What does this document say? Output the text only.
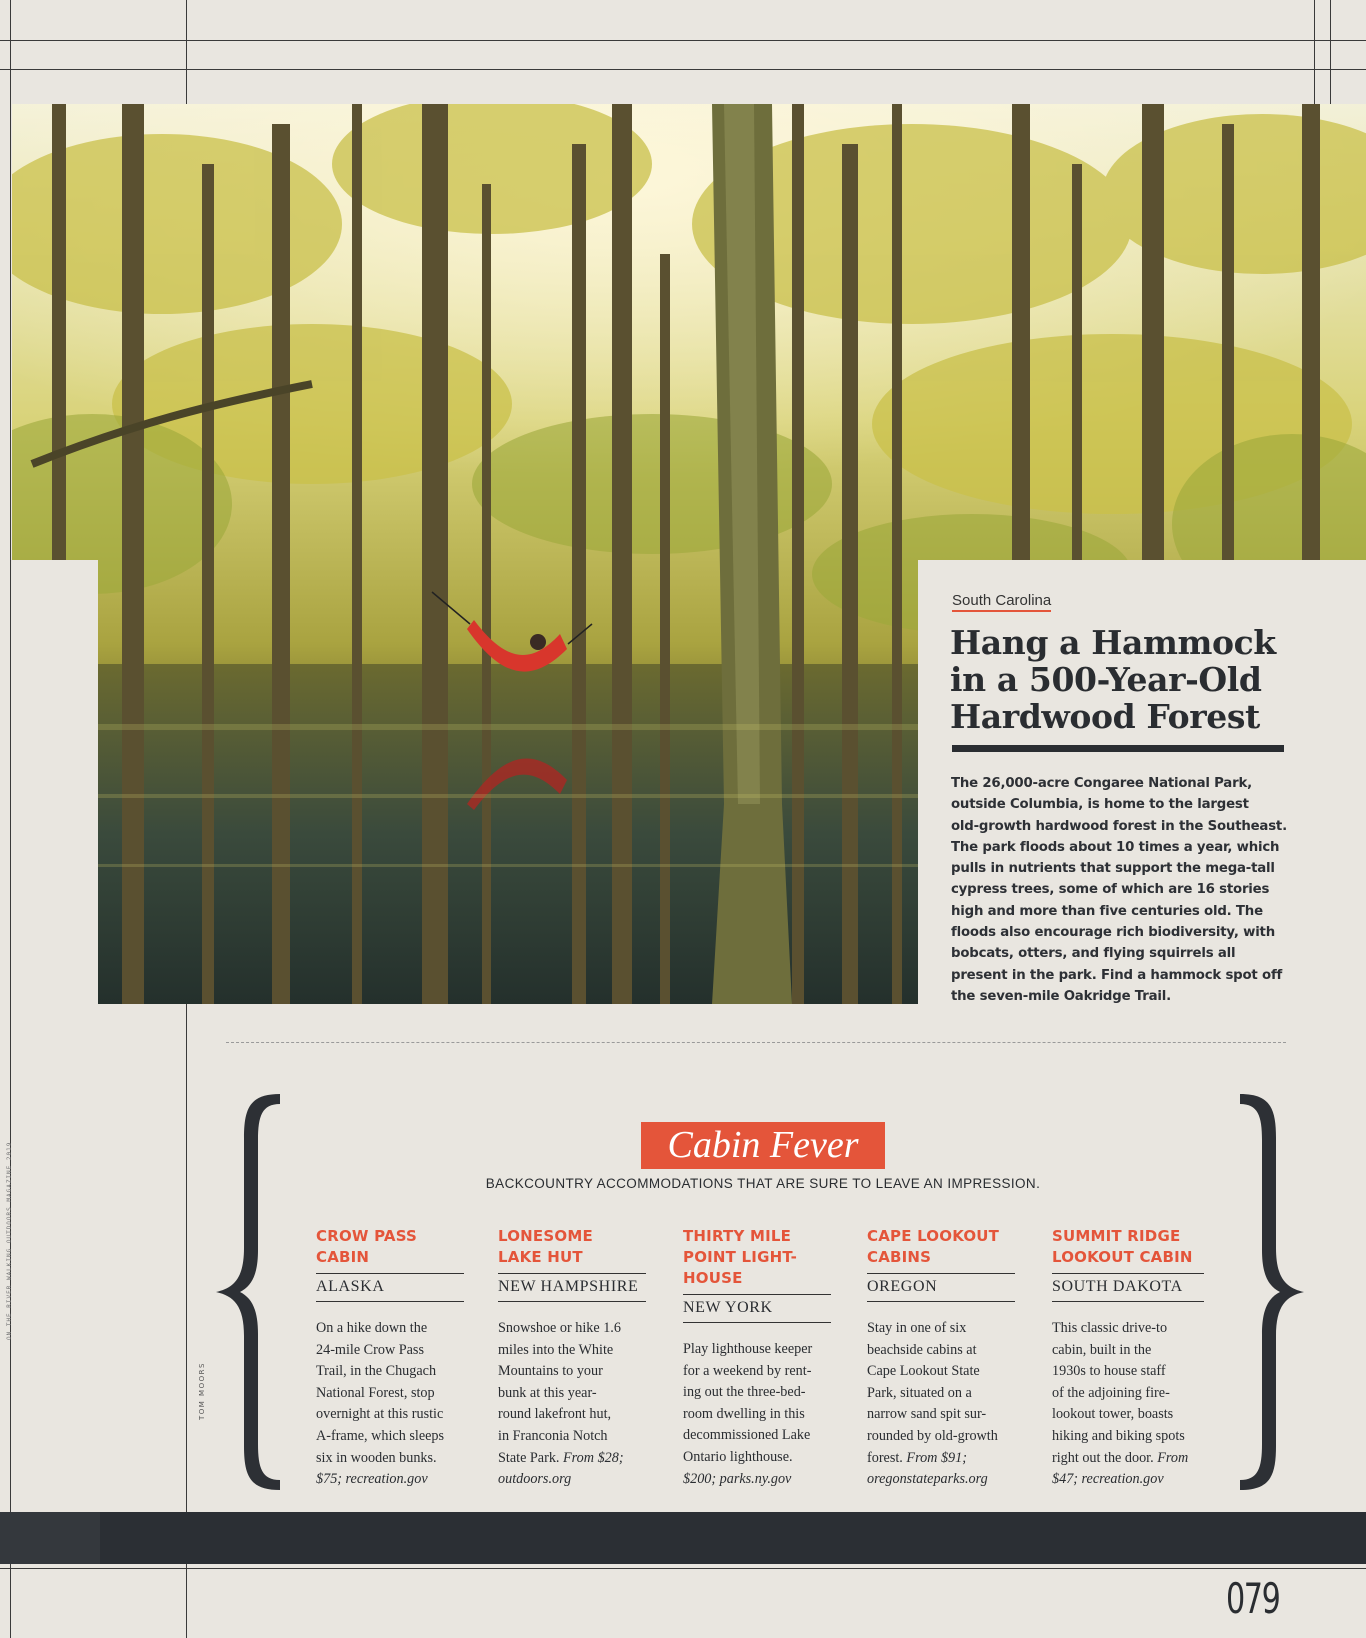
ON THE RIVER WALKING OUTDOORS MAGAZINE 2019
South Carolina
Hang a Hammock
in a 500-Year-Old
Hardwood Forest
The 26,000-acre Congaree National Park,
outside Columbia, is home to the largest
old-growth hardwood forest in the Southeast.
The park floods about 10 times a year, which
pulls in nutrients that support the mega-tall
cypress trees, some of which are 16 stories
high and more than five centuries old. The
floods also encourage rich biodiversity, with
bobcats, otters, and flying squirrels all
present in the park. Find a hammock spot off
the seven-mile Oakridge Trail.
Cabin Fever
BACKCOUNTRY ACCOMMODATIONS THAT ARE SURE TO LEAVE AN IMPRESSION.
CROW PASS
CABIN
ALASKA
On a hike down the
24-mile Crow Pass
Trail, in the Chugach
National Forest, stop
overnight at this rustic
A-frame, which sleeps
six in wooden bunks.
$75; recreation.gov
LONESOME
LAKE HUT
NEW HAMPSHIRE
Snowshoe or hike 1.6
miles into the White
Mountains to your
bunk at this year-
round lakefront hut,
in Franconia Notch
State Park. From $28;
outdoors.org
THIRTY MILE
POINT LIGHT-
HOUSE
NEW YORK
Play lighthouse keeper
for a weekend by rent-
ing out the three-bed-
room dwelling in this
decommissioned Lake
Ontario lighthouse.
$200; parks.ny.gov
CAPE LOOKOUT
CABINS
OREGON
Stay in one of six
beachside cabins at
Cape Lookout State
Park, situated on a
narrow sand spit sur-
rounded by old-growth
forest. From $91;
oregonstateparks.org
SUMMIT RIDGE
LOOKOUT CABIN
SOUTH DAKOTA
This classic drive-to
cabin, built in the
1930s to house staff
of the adjoining fire-
lookout tower, boasts
hiking and biking spots
right out the door. From
$47; recreation.gov
TOM MOORS
079
